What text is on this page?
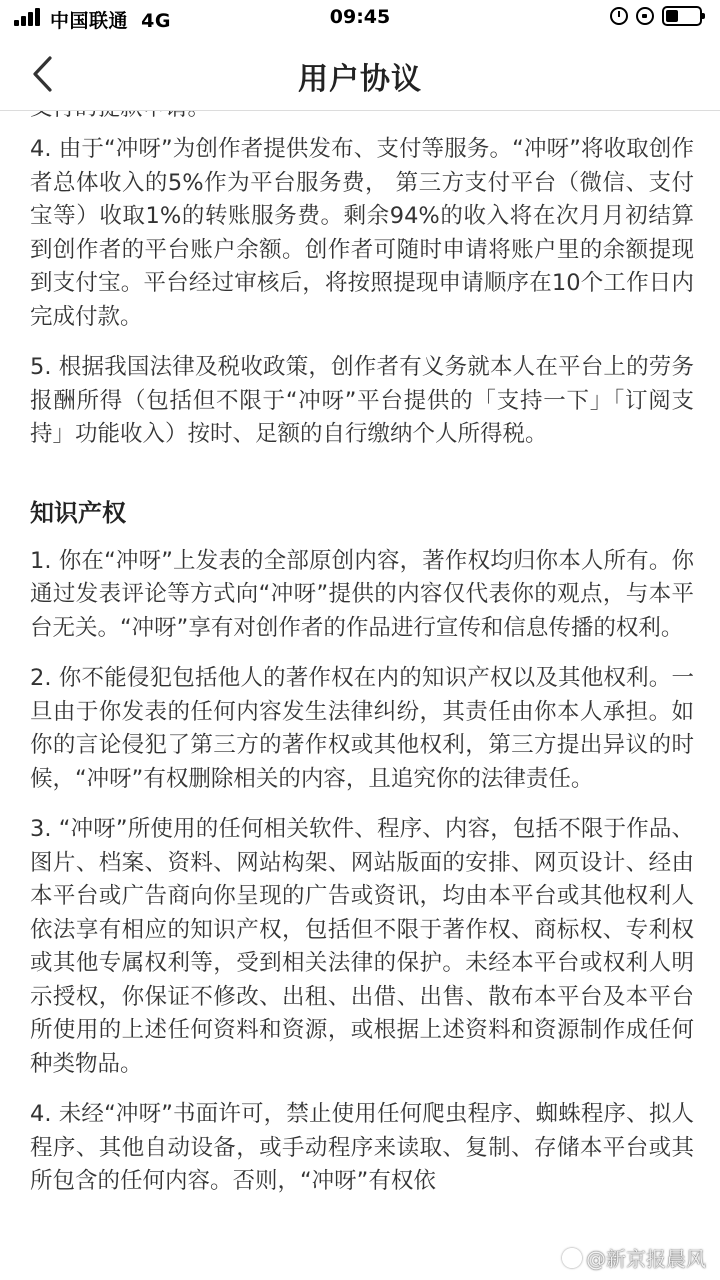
中国联通 4G	09:45
用户协议

4. 由于“冲呀”为创作者提供发布、支付等服务。“冲呀”将收取创作者总体收入的5%作为平台服务费， 第三方支付平台（微信、支付宝等）收取1%的转账服务费。剩余94%的收入将在次月月初结算到创作者的平台账户余额。创作者可随时申请将账户里的余额提现到支付宝。平台经过审核后，将按照提现申请顺序在10个工作日内完成付款。

5. 根据我国法律及税收政策，创作者有义务就本人在平台上的劳务报酬所得（包括但不限于“冲呀”平台提供的「支持一下」「订阅支持」功能收入）按时、足额的自行缴纳个人所得税。

知识产权

1. 你在“冲呀”上发表的全部原创内容，著作权均归你本人所有。你通过发表评论等方式向“冲呀”提供的内容仅代表你的观点，与本平台无关。“冲呀”享有对创作者的作品进行宣传和信息传播的权利。

2. 你不能侵犯包括他人的著作权在内的知识产权以及其他权利。一旦由于你发表的任何内容发生法律纠纷，其责任由你本人承担。如你的言论侵犯了第三方的著作权或其他权利，第三方提出异议的时候，“冲呀”有权删除相关的内容，且追究你的法律责任。

3. “冲呀”所使用的任何相关软件、程序、内容，包括不限于作品、图片、档案、资料、网站构架、网站版面的安排、网页设计、经由本平台或广告商向你呈现的广告或资讯，均由本平台或其他权利人依法享有相应的知识产权，包括但不限于著作权、商标权、专利权或其他专属权利等，受到相关法律的保护。未经本平台或权利人明示授权，你保证不修改、出租、出借、出售、散布本平台及本平台所使用的上述任何资料和资源，或根据上述资料和资源制作成任何种类物品。

4. 未经“冲呀”书面许可，禁止使用任何爬虫程序、蜘蛛程序、拟人程序、其他自动设备，或手动程序来读取、复制、存储本平台或其所包含的任何内容。否则，“冲呀”有权依

@新京报晨风
